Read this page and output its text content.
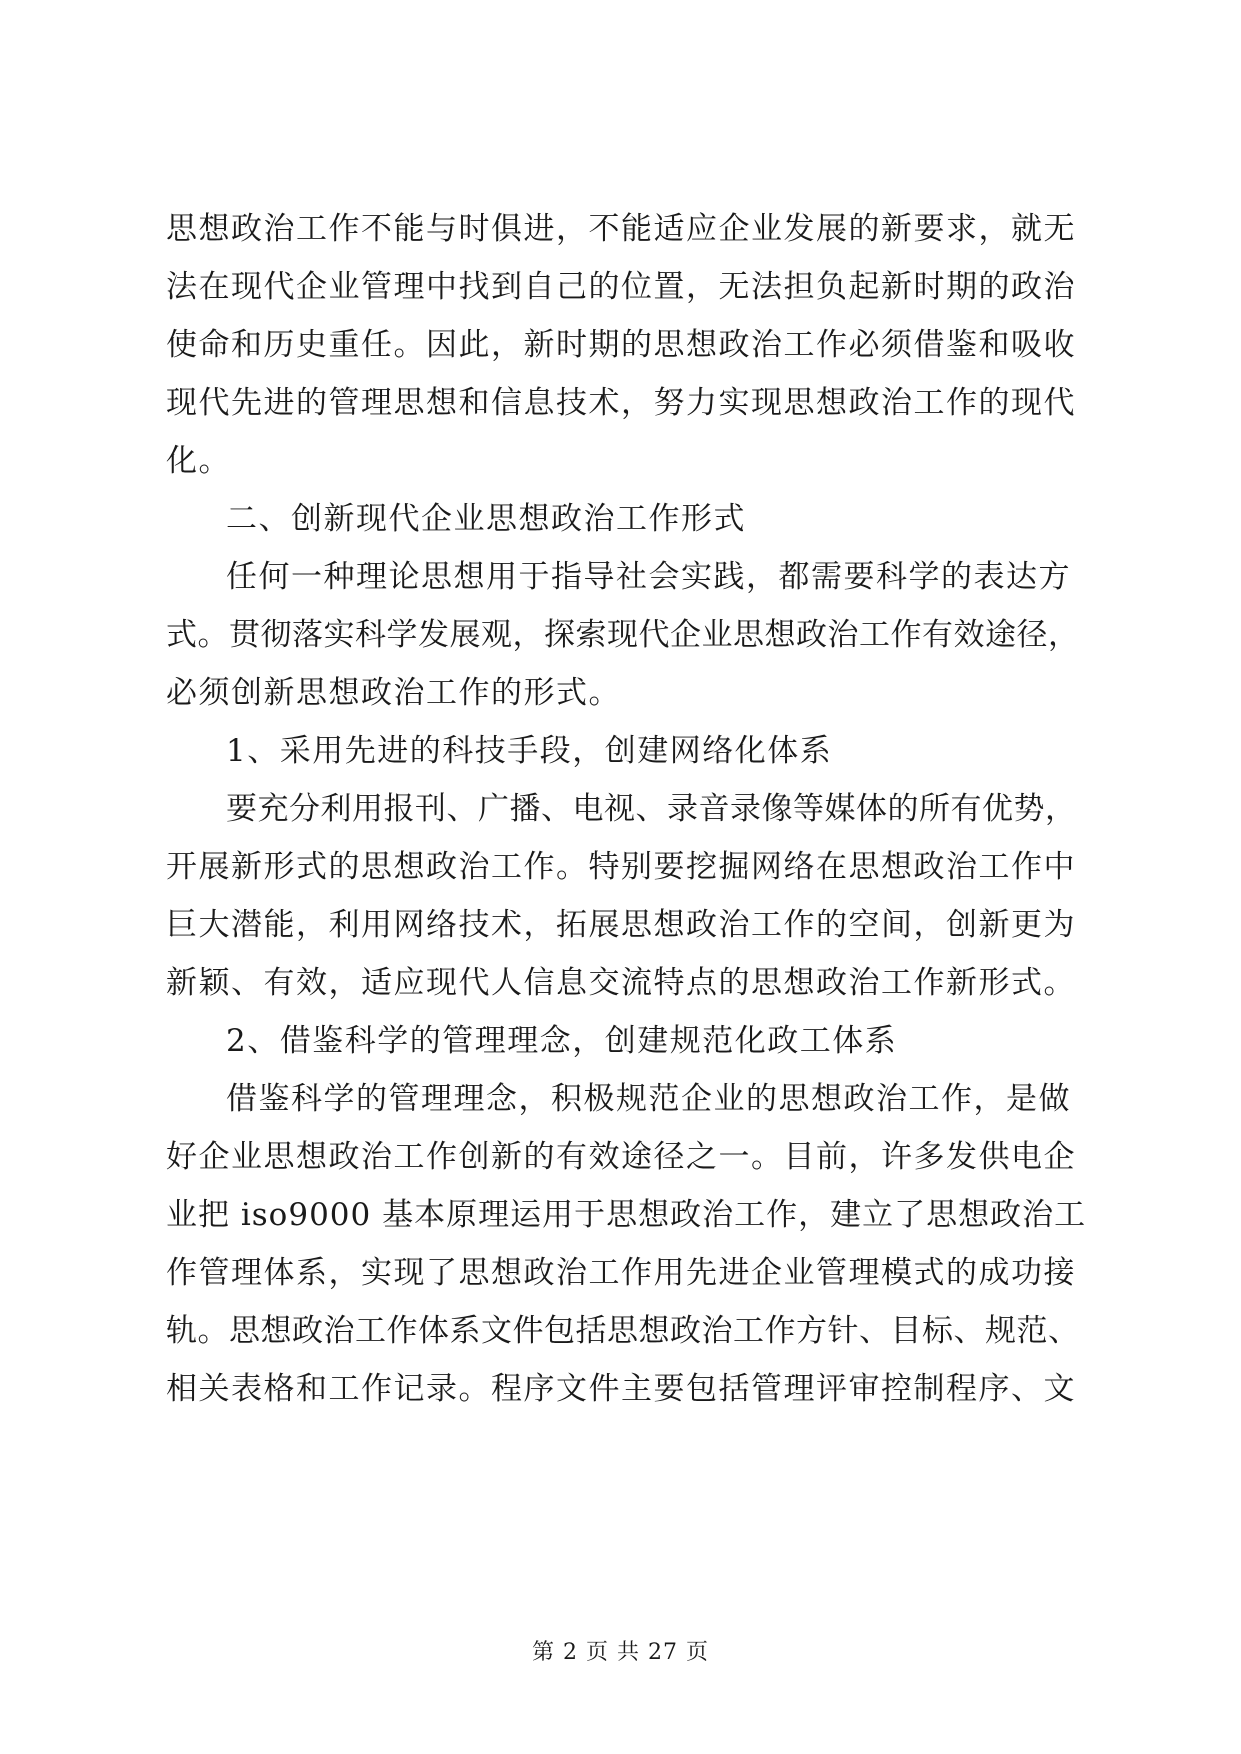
思想政治工作不能与时俱进，不能适应企业发展的新要求，就无
法在现代企业管理中找到自己的位置，无法担负起新时期的政治
使命和历史重任。因此，新时期的思想政治工作必须借鉴和吸收
现代先进的管理思想和信息技术，努力实现思想政治工作的现代
化。
二、创新现代企业思想政治工作形式
任何一种理论思想用于指导社会实践，都需要科学的表达方
式。贯彻落实科学发展观，探索现代企业思想政治工作有效途径，
必须创新思想政治工作的形式。
1、采用先进的科技手段，创建网络化体系
要充分利用报刊、广播、电视、录音录像等媒体的所有优势，
开展新形式的思想政治工作。特别要挖掘网络在思想政治工作中
巨大潜能，利用网络技术，拓展思想政治工作的空间，创新更为
新颖、有效，适应现代人信息交流特点的思想政治工作新形式。
2、借鉴科学的管理理念，创建规范化政工体系
借鉴科学的管理理念，积极规范企业的思想政治工作，是做
好企业思想政治工作创新的有效途径之一。目前，许多发供电企
业把 iso9000 基本原理运用于思想政治工作，建立了思想政治工
作管理体系，实现了思想政治工作用先进企业管理模式的成功接
轨。思想政治工作体系文件包括思想政治工作方针、目标、规范、
相关表格和工作记录。程序文件主要包括管理评审控制程序、文
第 2 页 共 27 页
